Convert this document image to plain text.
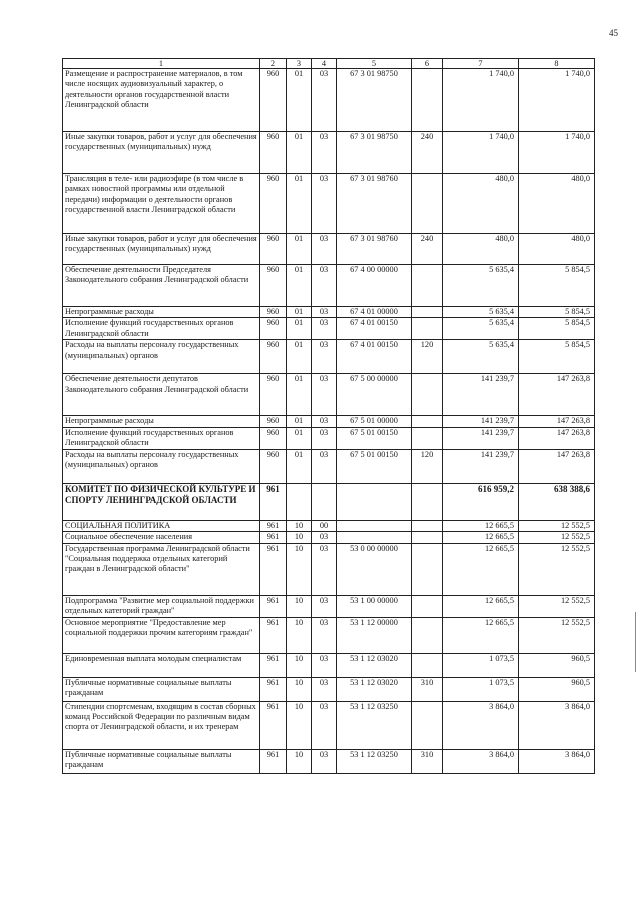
45
1	2	3	4	5	6	7	8
Размещение и распространение материалов, в том числе носящих аудиовизуальный характер, о деятельности органов государственной власти Ленинградской области	960	01	03	67 3 01 98750		1 740,0	1 740,0
Иные закупки товаров, работ и услуг для обеспечения государственных (муниципальных) нужд	960	01	03	67 3 01 98750	240	1 740,0	1 740,0
Трансляция в теле- или радиоэфире (в том числе в рамках новостной программы или отдельной передачи) информации о деятельности органов государственной власти Ленинградской области	960	01	03	67 3 01 98760		480,0	480,0
Иные закупки товаров, работ и услуг для обеспечения государственных (муниципальных) нужд	960	01	03	67 3 01 98760	240	480,0	480,0
Обеспечение деятельности Председателя Законодательного собрания Ленинградской области	960	01	03	67 4 00 00000		5 635,4	5 854,5
Непрограммные расходы	960	01	03	67 4 01 00000		5 635,4	5 854,5
Исполнение функций государственных органов Ленинградской области	960	01	03	67 4 01 00150		5 635,4	5 854,5
Расходы на выплаты персоналу государственных (муниципальных) органов	960	01	03	67 4 01 00150	120	5 635,4	5 854,5
Обеспечение деятельности депутатов Законодательного собрания Ленинградской области	960	01	03	67 5 00 00000		141 239,7	147 263,8
Непрограммные расходы	960	01	03	67 5 01 00000		141 239,7	147 263,8
Исполнение функций государственных органов Ленинградской области	960	01	03	67 5 01 00150		141 239,7	147 263,8
Расходы на выплаты персоналу государственных (муниципальных) органов	960	01	03	67 5 01 00150	120	141 239,7	147 263,8
КОМИТЕТ ПО ФИЗИЧЕСКОЙ КУЛЬТУРЕ И СПОРТУ ЛЕНИНГРАДСКОЙ ОБЛАСТИ	961					616 959,2	638 388,6
СОЦИАЛЬНАЯ ПОЛИТИКА	961	10	00			12 665,5	12 552,5
Социальное обеспечение населения	961	10	03			12 665,5	12 552,5
Государственная программа Ленинградской области "Социальная поддержка отдельных категорий граждан в Ленинградской области"	961	10	03	53 0 00 00000		12 665,5	12 552,5
Подпрограмма "Развитие мер социальной поддержки отдельных категорий граждан"	961	10	03	53 1 00 00000		12 665,5	12 552,5
Основное мероприятие "Предоставление мер социальной поддержки прочим категориям граждан"	961	10	03	53 1 12 00000		12 665,5	12 552,5
Единовременная выплата молодым специалистам	961	10	03	53 1 12 03020		1 073,5	960,5
Публичные нормативные социальные выплаты гражданам	961	10	03	53 1 12 03020	310	1 073,5	960,5
Стипендии спортсменам, входящим в состав сборных команд Российской Федерации по различным видам спорта от Ленинградской области, и их тренерам	961	10	03	53 1 12 03250		3 864,0	3 864,0
Публичные нормативные социальные выплаты гражданам	961	10	03	53 1 12 03250	310	3 864,0	3 864,0
